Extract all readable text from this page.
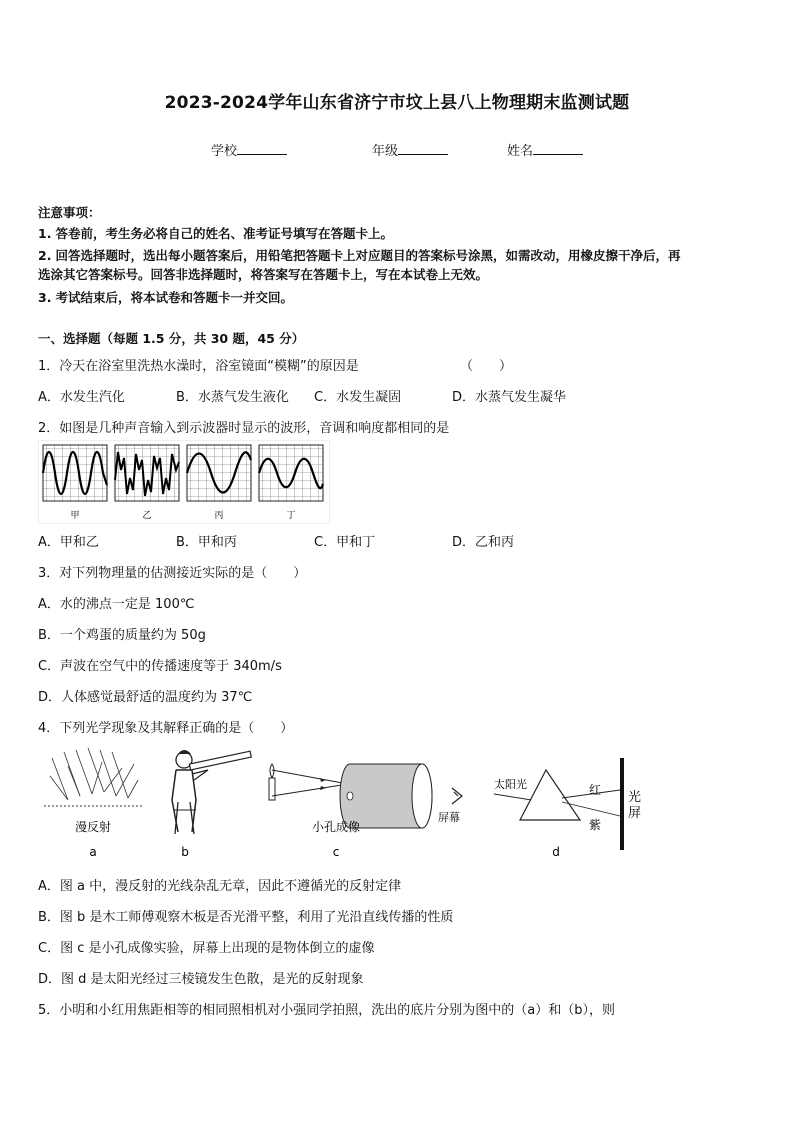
2023-2024学年山东省济宁市坟上县八上物理期末监测试题
学校	年级	姓名
注意事项：
1. 答卷前，考生务必将自己的姓名、准考证号填写在答题卡上。
2. 回答选择题时，选出每小题答案后，用铅笔把答题卡上对应题目的答案标号涂黑，如需改动，用橡皮擦干净后，再
选涂其它答案标号。回答非选择题时，将答案写在答题卡上，写在本试卷上无效。
3. 考试结束后，将本试卷和答题卡一并交回。
一、选择题（每题 1.5 分，共 30 题，45 分）
1．冷天在浴室里洗热水澡时，浴室镜面“模糊”的原因是	（　　）
A．水发生汽化	B．水蒸气发生液化 C．水发生凝固	D．水蒸气发生凝华
2．如图是几种声音输入到示波器时显示的波形，音调和响度都相同的是
甲	乙	丙	丁
A．甲和乙	B．甲和丙	C．甲和丁	D．乙和丙
3．对下列物理量的估测接近实际的是（　　）
A．水的沸点一定是 100℃
B．一个鸡蛋的质量约为 50g
C．声波在空气中的传播速度等于 340m/s
D．人体感觉最舒适的温度约为 37℃
4．下列光学现象及其解释正确的是（　　）
漫反射
a	b
小孔成像
屏幕
c
太阳光	红
紫
光
屏
d
A．图 a 中，漫反射的光线杂乱无章，因此不遵循光的反射定律
B．图 b 是木工师傅观察木板是否光滑平整，利用了光沿直线传播的性质
C．图 c 是小孔成像实验，屏幕上出现的是物体倒立的虚像
D．图 d 是太阳光经过三棱镜发生色散，是光的反射现象
5．小明和小红用焦距相等的相同照相机对小强同学拍照，洗出的底片分别为图中的（a）和（b），则
